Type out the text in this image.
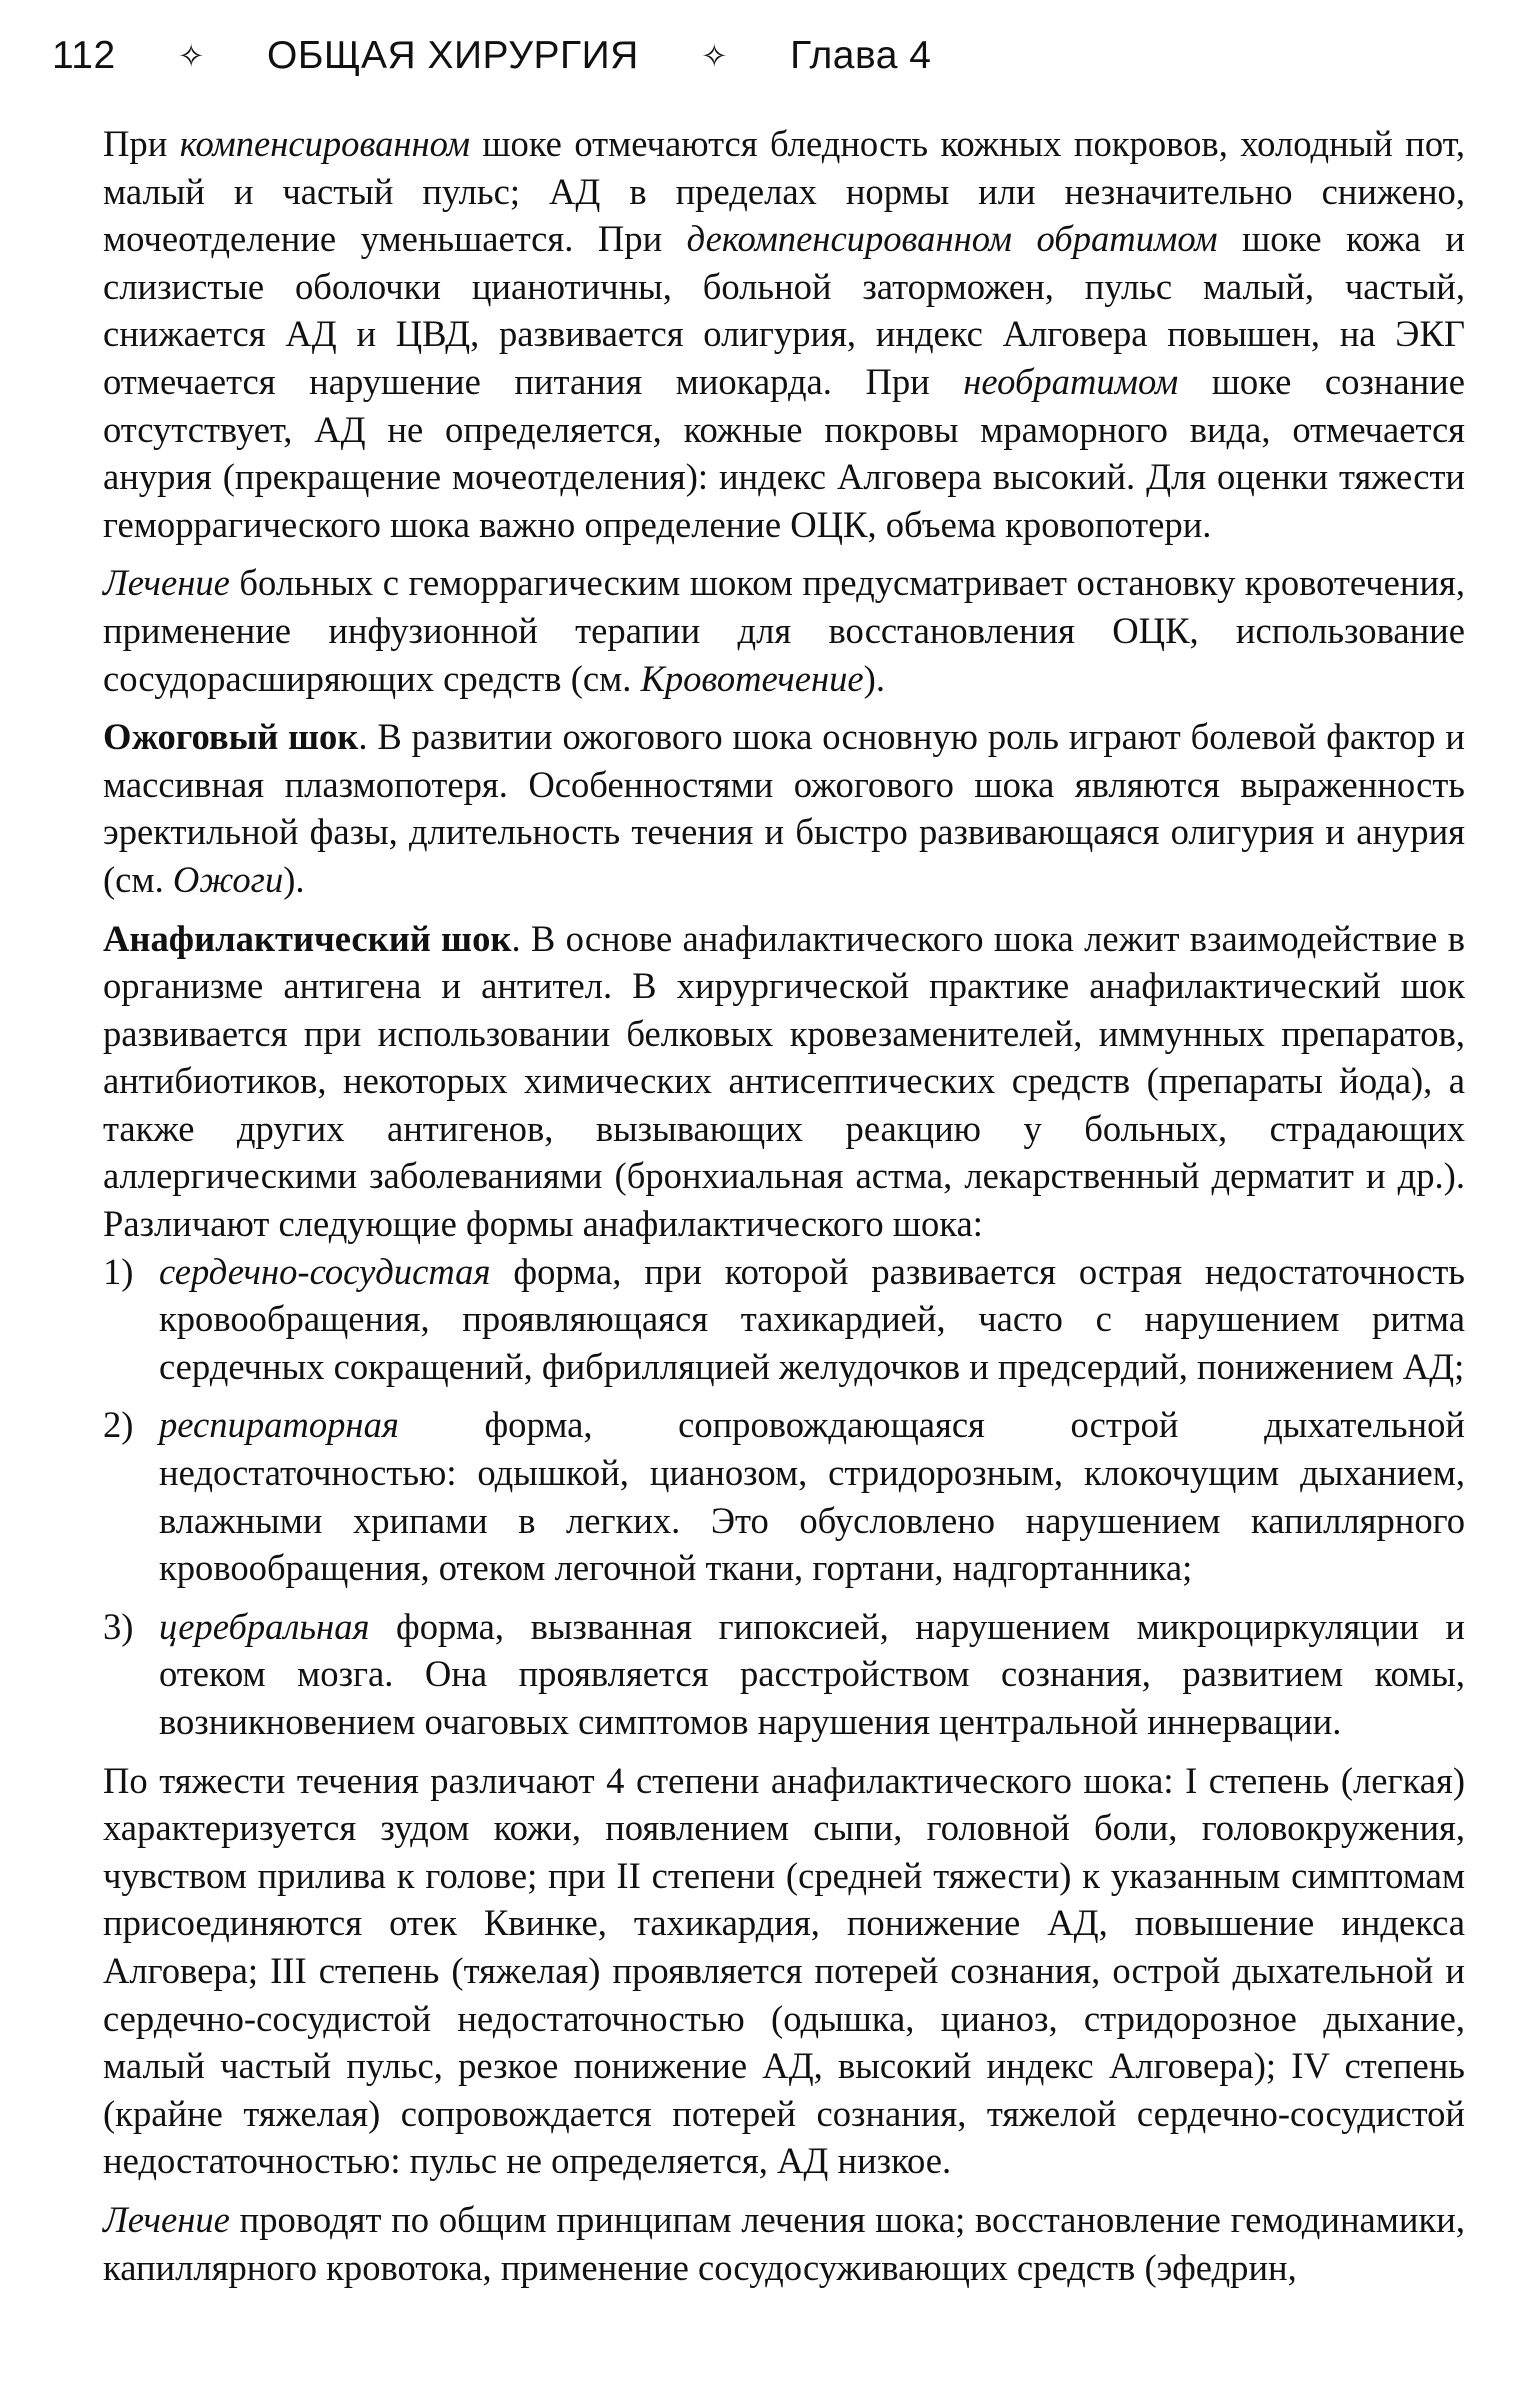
112 ✧ ОБЩАЯ ХИРУРГИЯ ✧ Глава 4

При компенсированном шоке отмечаются бледность кожных покровов, холодный пот, малый и частый пульс; АД в пределах нормы или незначительно снижено, мочеотделение уменьшается. При декомпенсированном обратимом шоке кожа и слизистые оболочки цианотичны, больной заторможен, пульс малый, частый, снижается АД и ЦВД, развивается олигурия, индекс Алговера повышен, на ЭКГ отмечается нарушение питания миокарда. При необратимом шоке сознание отсутствует, АД не определяется, кожные покровы мраморного вида, отмечается анурия (прекращение мочеотделения): индекс Алговера высокий. Для оценки тяжести геморрагического шока важно определение ОЦК, объема кровопотери.

Лечение больных с геморрагическим шоком предусматривает остановку кровотечения, применение инфузионной терапии для восстановления ОЦК, использование сосудорасширяющих средств (см. Кровотечение).

Ожоговый шок. В развитии ожогового шока основную роль играют болевой фактор и массивная плазмопотеря. Особенностями ожогового шока являются выраженность эректильной фазы, длительность течения и быстро развивающаяся олигурия и анурия (см. Ожоги).

Анафилактический шок. В основе анафилактического шока лежит взаимодействие в организме антигена и антител. В хирургической практике анафилактический шок развивается при использовании белковых кровезаменителей, иммунных препаратов, антибиотиков, некоторых химических антисептических средств (препараты йода), а также других антигенов, вызывающих реакцию у больных, страдающих аллергическими заболеваниями (бронхиальная астма, лекарственный дерматит и др.). Различают следующие формы анафилактического шока:

1) сердечно-сосудистая форма, при которой развивается острая недостаточность кровообращения, проявляющаяся тахикардией, часто с нарушением ритма сердечных сокращений, фибрилляцией желудочков и предсердий, понижением АД;
2) респираторная форма, сопровождающаяся острой дыхательной недостаточностью: одышкой, цианозом, стридорозным, клокочущим дыханием, влажными хрипами в легких. Это обусловлено нарушением капиллярного кровообращения, отеком легочной ткани, гортани, надгортанника;
3) церебральная форма, вызванная гипоксией, нарушением микроциркуляции и отеком мозга. Она проявляется расстройством сознания, развитием комы, возникновением очаговых симптомов нарушения центральной иннервации.

По тяжести течения различают 4 степени анафилактического шока: I степень (легкая) характеризуется зудом кожи, появлением сыпи, головной боли, головокружения, чувством прилива к голове; при II степени (средней тяжести) к указанным симптомам присоединяются отек Квинке, тахикардия, понижение АД, повышение индекса Алговера; III степень (тяжелая) проявляется потерей сознания, острой дыхательной и сердечно-сосудистой недостаточностью (одышка, цианоз, стридорозное дыхание, малый частый пульс, резкое понижение АД, высокий индекс Алговера); IV степень (крайне тяжелая) сопровождается потерей сознания, тяжелой сердечно-сосудистой недостаточностью: пульс не определяется, АД низкое.

Лечение проводят по общим принципам лечения шока; восстановление гемодинамики, капиллярного кровотока, применение сосудосуживающих средств (эфедрин,
